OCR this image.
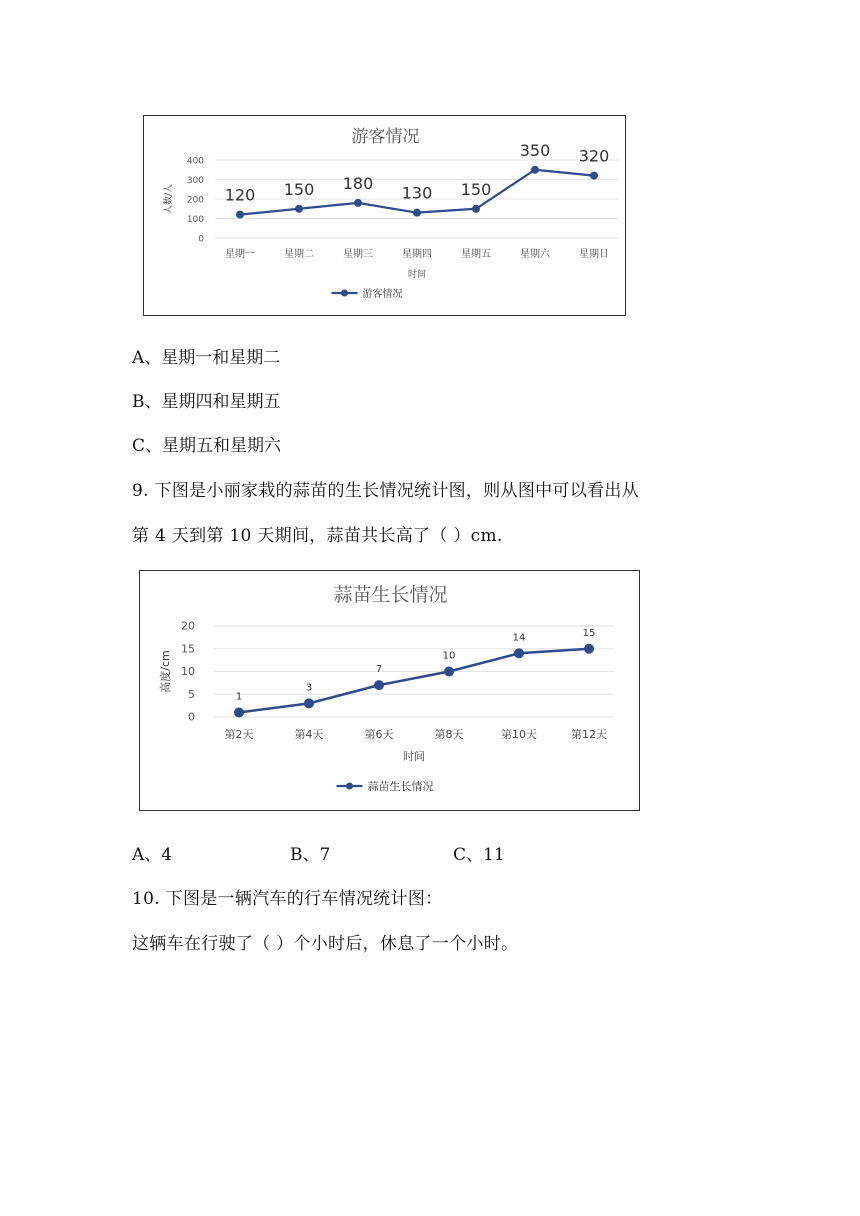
游客情况
0
100
200
300
400
人数/人
星期一	星期二	星期三	星期四	星期五	星期六	星期日
时间
120 150 180
130 150
350 320
游客情况
A、星期一和星期二
B、星期四和星期五
C、星期五和星期六
9. 下图是小丽家栽的蒜苗的生长情况统计图，则从图中可以看出从
第 4 天到第 10 天期间，蒜苗共长高了（ ）cm.
蒜苗生长情况
0
5
10
15
20
高度/cm
第2天	第4天	第6天	第8天	第10天	第12天
时间
1
3
7
10
14	15
蒜苗生长情况
A、4	B、7	C、11
10. 下图是一辆汽车的行车情况统计图：
这辆车在行驶了（ ）个小时后，休息了一个小时。
